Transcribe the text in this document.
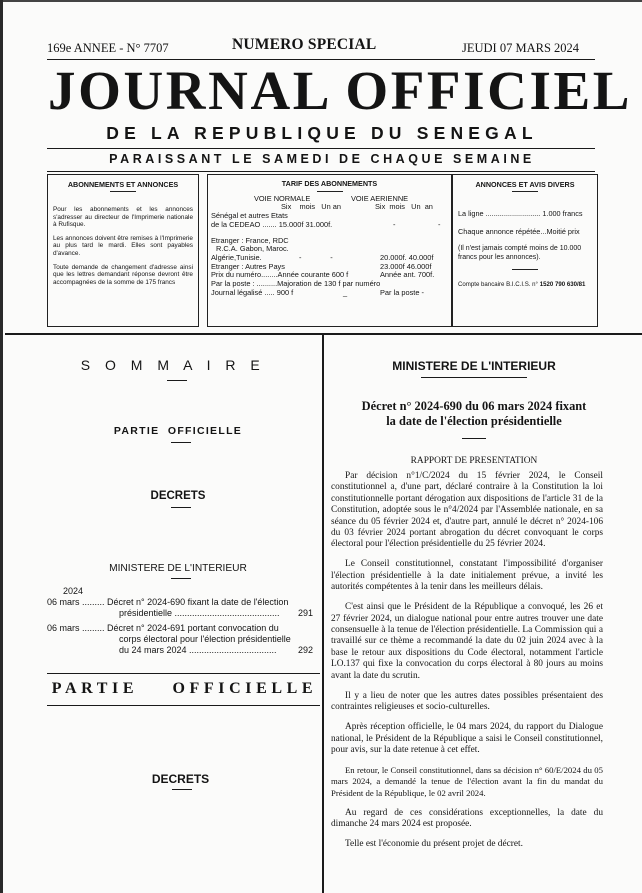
169e ANNEE - N° 7707	NUMERO SPECIAL	JEUDI 07 MARS 2024
JOURNAL OFFICIEL
DE LA REPUBLIQUE DU SENEGAL
PARAISSANT LE SAMEDI DE CHAQUE SEMAINE
ABONNEMENTS ET ANNONCES

Pour les abonnements et les annonces s'adresser au directeur de l'Imprimerie nationale à Rufisque.

Les annonces doivent être remises à l'Imprimerie au plus tard le mardi. Elles sont payables d'avance.

Toute demande de changement d'adresse ainsi que les lettres demandant réponse devront être accompagnées de la somme de 175 francs

TARIF DES ABONNEMENTS
VOIE NORMALE	VOIE AERIENNE
Six    mois   Un an	Six  mois   Un  an
Sénégal et autres Etats
de la CEDEAO ....... 15.000f 31.000f.	-	-
Etranger : France, RDC
R.C.A. Gabon, Maroc.
Algérie,Tunisie.	-              -	20.000f. 40.000f
Etranger : Autres Pays	23.000f 46.000f
Prix du numéro........Année courante 600 f	Année ant. 700f.
Par la poste : ..........Majoration de 130 f par numéro
Journal légalisé ..... 900 f	_	Par la poste -
ANNONCES ET AVIS DIVERS

La ligne ........................... 1.000 francs

Chaque annonce répétée...Moitié prix

(Il n'est jamais compté moins de 10.000 francs pour les annonces).

Compte bancaire B.I.C.I.S. n° 1520 790 630/81
S O M M A I R E
PARTIE  OFFICIELLE
DECRETS
MINISTERE DE L'INTERIEUR
2024
06 mars ......... Décret n° 2024-690 fixant la date de l'élection
présidentielle .......................................... 291
06 mars ......... Décret n° 2024-691 portant convocation du
corps électoral pour l'élection présidentielle
du 24 mars 2024 ................................... 292
PARTIE    OFFICIELLE
DECRETS
MINISTERE DE L'INTERIEUR
Décret n° 2024-690 du 06 mars 2024 fixant
la date de l'élection présidentielle
RAPPORT DE PRESENTATION

Par décision n°1/C/2024 du 15 février 2024, le Conseil constitutionnel a, d'une part, déclaré contraire à la Constitution la loi constitutionnelle portant dérogation aux dispositions de l'article 31 de la Constitution, adoptée sous le n°4/2024 par l'Assemblée nationale, en sa séance du 05 février 2024 et, d'autre part, annulé le décret n° 2024-106 du 03 février 2024 portant abrogation du décret convoquant le corps électoral pour l'élection présidentielle du 25 février 2024.

Le Conseil constitutionnel, constatant l'impossibilité d'organiser l'élection présidentielle à la date initialement prévue, a invité les autorités compétentes à la tenir dans les meilleurs délais.

C'est ainsi que le Président de la République a convoqué, les 26 et 27 février 2024, un dialogue national pour entre autres trouver une date consensuelle à la tenue de l'élection présidentielle. La Commission qui a travaillé sur ce thème a recommandé la date du 02 juin 2024 avec à la base le retour aux dispositions du Code électoral, notamment l'article LO.137 qui fixe la convocation du corps électoral à 80 jours au moins avant la date du scrutin.

Il y a lieu de noter que les autres dates possibles présentaient des contraintes religieuses et socio-culturelles.

Après réception officielle, le 04 mars 2024, du rapport du Dialogue national, le Président de la République a saisi le Conseil constitutionnel, pour avis, sur la date retenue à cet effet.

En retour, le Conseil constitutionnel, dans sa décision n° 60/E/2024 du 05 mars 2024, a demandé la tenue de l'élection avant la fin du mandat du Président de la République, le 02 avril 2024.

Au regard de ces considérations exceptionnelles, la date du dimanche 24 mars 2024 est proposée.

Telle est l'économie du présent projet de décret.
